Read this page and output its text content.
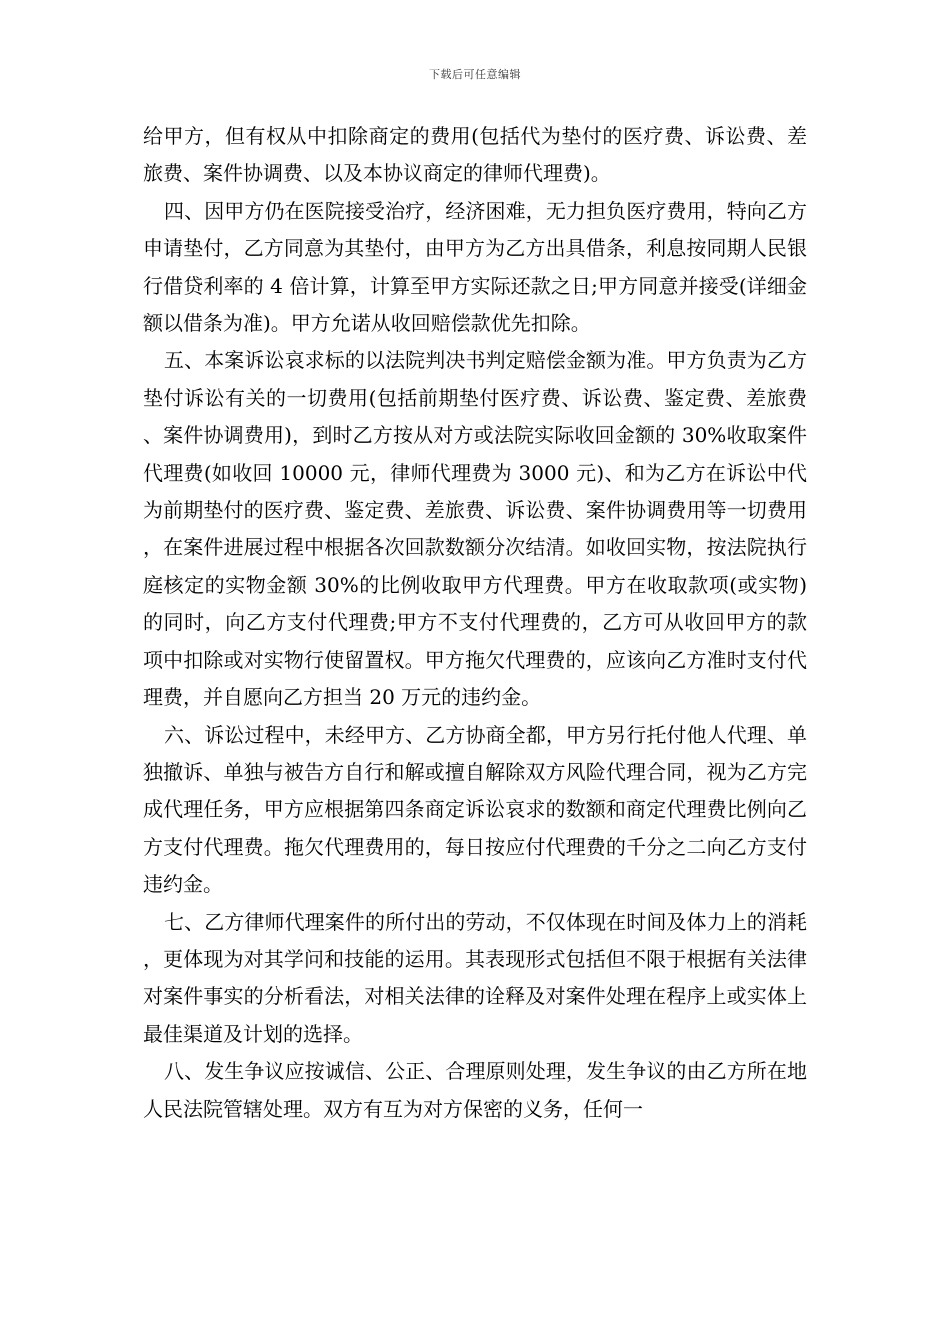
下载后可任意编辑

给甲方，但有权从中扣除商定的费用(包括代为垫付的医疗费、诉讼费、差旅费、案件协调费、以及本协议商定的律师代理费)。

四、因甲方仍在医院接受治疗，经济困难，无力担负医疗费用，特向乙方申请垫付，乙方同意为其垫付，由甲方为乙方出具借条，利息按同期人民银行借贷利率的 4 倍计算，计算至甲方实际还款之日;甲方同意并接受(详细金额以借条为准)。甲方允诺从收回赔偿款优先扣除。

五、本案诉讼哀求标的以法院判决书判定赔偿金额为准。甲方负责为乙方垫付诉讼有关的一切费用(包括前期垫付医疗费、诉讼费、鉴定费、差旅费、案件协调费用)，到时乙方按从对方或法院实际收回金额的 30%收取案件代理费(如收回 10000 元，律师代理费为 3000 元)、和为乙方在诉讼中代为前期垫付的医疗费、鉴定费、差旅费、诉讼费、案件协调费用等一切费用，在案件进展过程中根据各次回款数额分次结清。如收回实物，按法院执行庭核定的实物金额 30%的比例收取甲方代理费。甲方在收取款项(或实物)的同时，向乙方支付代理费;甲方不支付代理费的，乙方可从收回甲方的款项中扣除或对实物行使留置权。甲方拖欠代理费的，应该向乙方准时支付代理费，并自愿向乙方担当 20 万元的违约金。

六、诉讼过程中，未经甲方、乙方协商全都，甲方另行托付他人代理、单独撤诉、单独与被告方自行和解或擅自解除双方风险代理合同，视为乙方完成代理任务，甲方应根据第四条商定诉讼哀求的数额和商定代理费比例向乙方支付代理费。拖欠代理费用的，每日按应付代理费的千分之二向乙方支付违约金。

七、乙方律师代理案件的所付出的劳动，不仅体现在时间及体力上的消耗，更体现为对其学问和技能的运用。其表现形式包括但不限于根据有关法律对案件事实的分析看法，对相关法律的诠释及对案件处理在程序上或实体上最佳渠道及计划的选择。

八、发生争议应按诚信、公正、合理原则处理，发生争议的由乙方所在地人民法院管辖处理。双方有互为对方保密的义务，任何一
